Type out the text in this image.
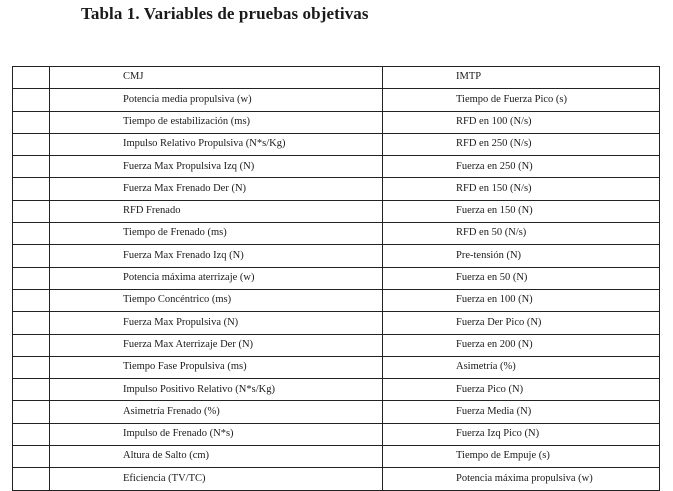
Tabla 1. Variables de pruebas objetivas
	CMJ	IMTP
	Potencia media propulsiva (w)	Tiempo de Fuerza Pico (s)
	Tiempo de estabilización (ms)	RFD en 100 (N/s)
	Impulso Relativo Propulsiva (N*s/Kg)	RFD en 250 (N/s)
	Fuerza Max Propulsiva Izq (N)	Fuerza en 250 (N)
	Fuerza Max Frenado Der (N)	RFD en 150 (N/s)
	RFD Frenado	Fuerza en 150 (N)
	Tiempo de Frenado (ms)	RFD en 50 (N/s)
	Fuerza Max Frenado Izq (N)	Pre-tensión (N)
	Potencia máxima aterrizaje (w)	Fuerza en 50 (N)
	Tiempo Concéntrico (ms)	Fuerza en 100 (N)
	Fuerza Max Propulsiva (N)	Fuerza Der Pico (N)
	Fuerza Max Aterrizaje Der (N)	Fuerza en 200 (N)
	Tiempo Fase Propulsiva (ms)	Asimetría (%)
	Impulso Positivo Relativo (N*s/Kg)	Fuerza Pico (N)
	Asimetría Frenado (%)	Fuerza Media (N)
	Impulso de Frenado (N*s)	Fuerza Izq Pico (N)
	Altura de Salto (cm)	Tiempo de Empuje (s)
	Eficiencia (TV/TC)	Potencia máxima propulsiva (w)
